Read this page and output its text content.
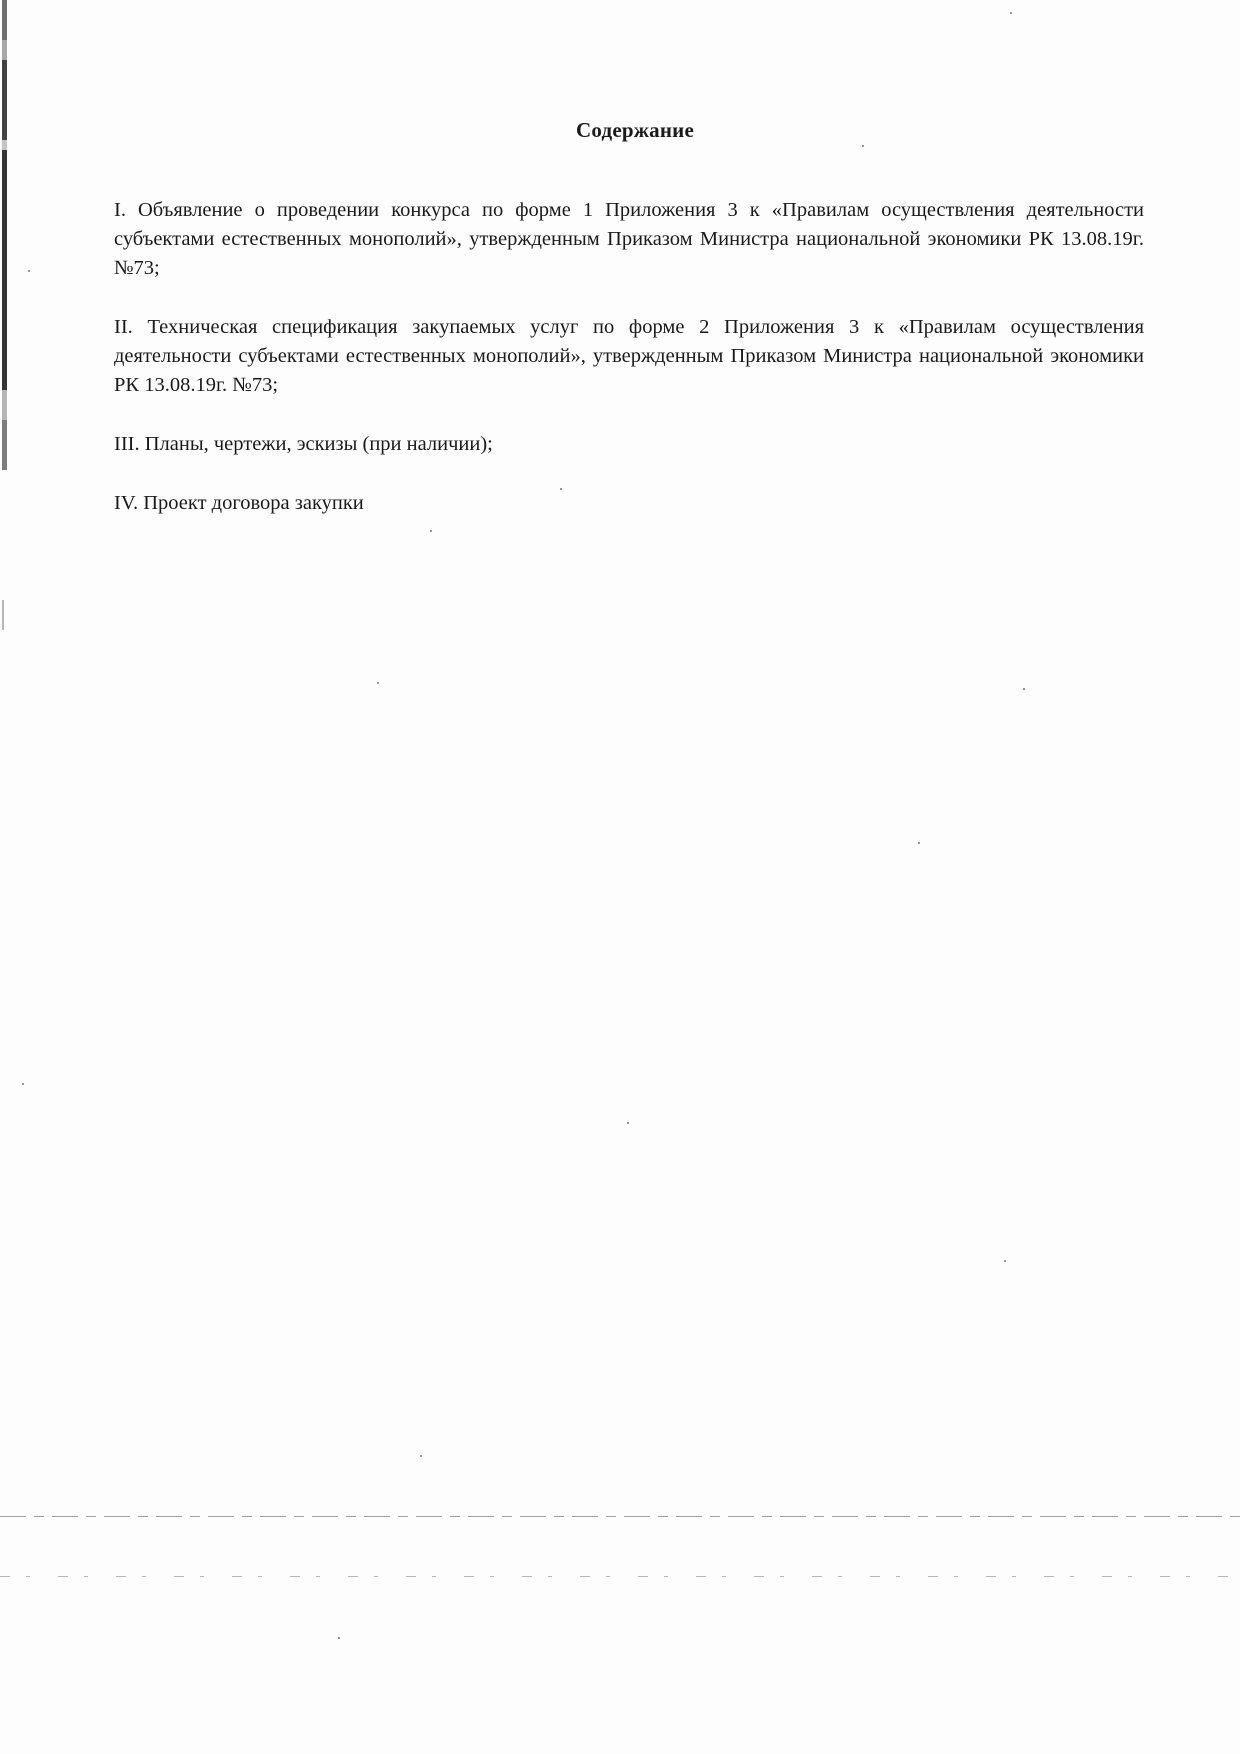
Содержание
I. Объявление о проведении конкурса по форме 1 Приложения 3 к «Правилам осуществления деятельности субъектами естественных монополий», утвержденным Приказом Министра национальной экономики РК 13.08.19г. №73;
II. Техническая спецификация закупаемых услуг по форме 2 Приложения 3 к «Правилам осуществления деятельности субъектами естественных монополий», утвержденным Приказом Министра национальной экономики РК 13.08.19г. №73;
III. Планы, чертежи, эскизы (при наличии);
IV. Проект договора закупки
